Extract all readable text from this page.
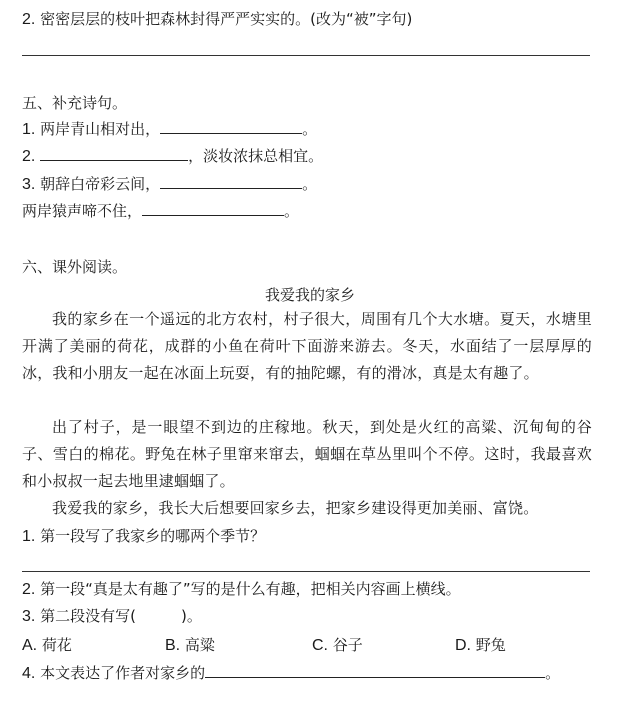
2. 密密层层的枝叶把森林封得严严实实的。(改为“被”字句)
五、补充诗句。
1. 两岸青山相对出，	。
2.	，淡妆浓抹总相宜。
3. 朝辞白帝彩云间，	。
两岸猿声啼不住，	。
六、课外阅读。
我爱我的家乡
我的家乡在一个遥远的北方农村，村子很大，周围有几个大水塘。夏天，水塘里开满了美丽的荷花，成群的小鱼在荷叶下面游来游去。冬天，水面结了一层厚厚的冰，我和小朋友一起在冰面上玩耍，有的抽陀螺，有的滑冰，真是太有趣了。
出了村子，是一眼望不到边的庄稼地。秋天，到处是火红的高粱、沉甸甸的谷子、雪白的棉花。野兔在林子里窜来窜去，蝈蝈在草丛里叫个不停。这时，我最喜欢和小叔叔一起去地里逮蝈蝈了。
我爱我的家乡，我长大后想要回家乡去，把家乡建设得更加美丽、富饶。
1. 第一段写了我家乡的哪两个季节？
2. 第一段“真是太有趣了”写的是什么有趣，把相关内容画上横线。
3. 第二段没有写(　　　)。
A. 荷花	B. 高粱	C. 谷子	D. 野兔
4. 本文表达了作者对家乡的	。
